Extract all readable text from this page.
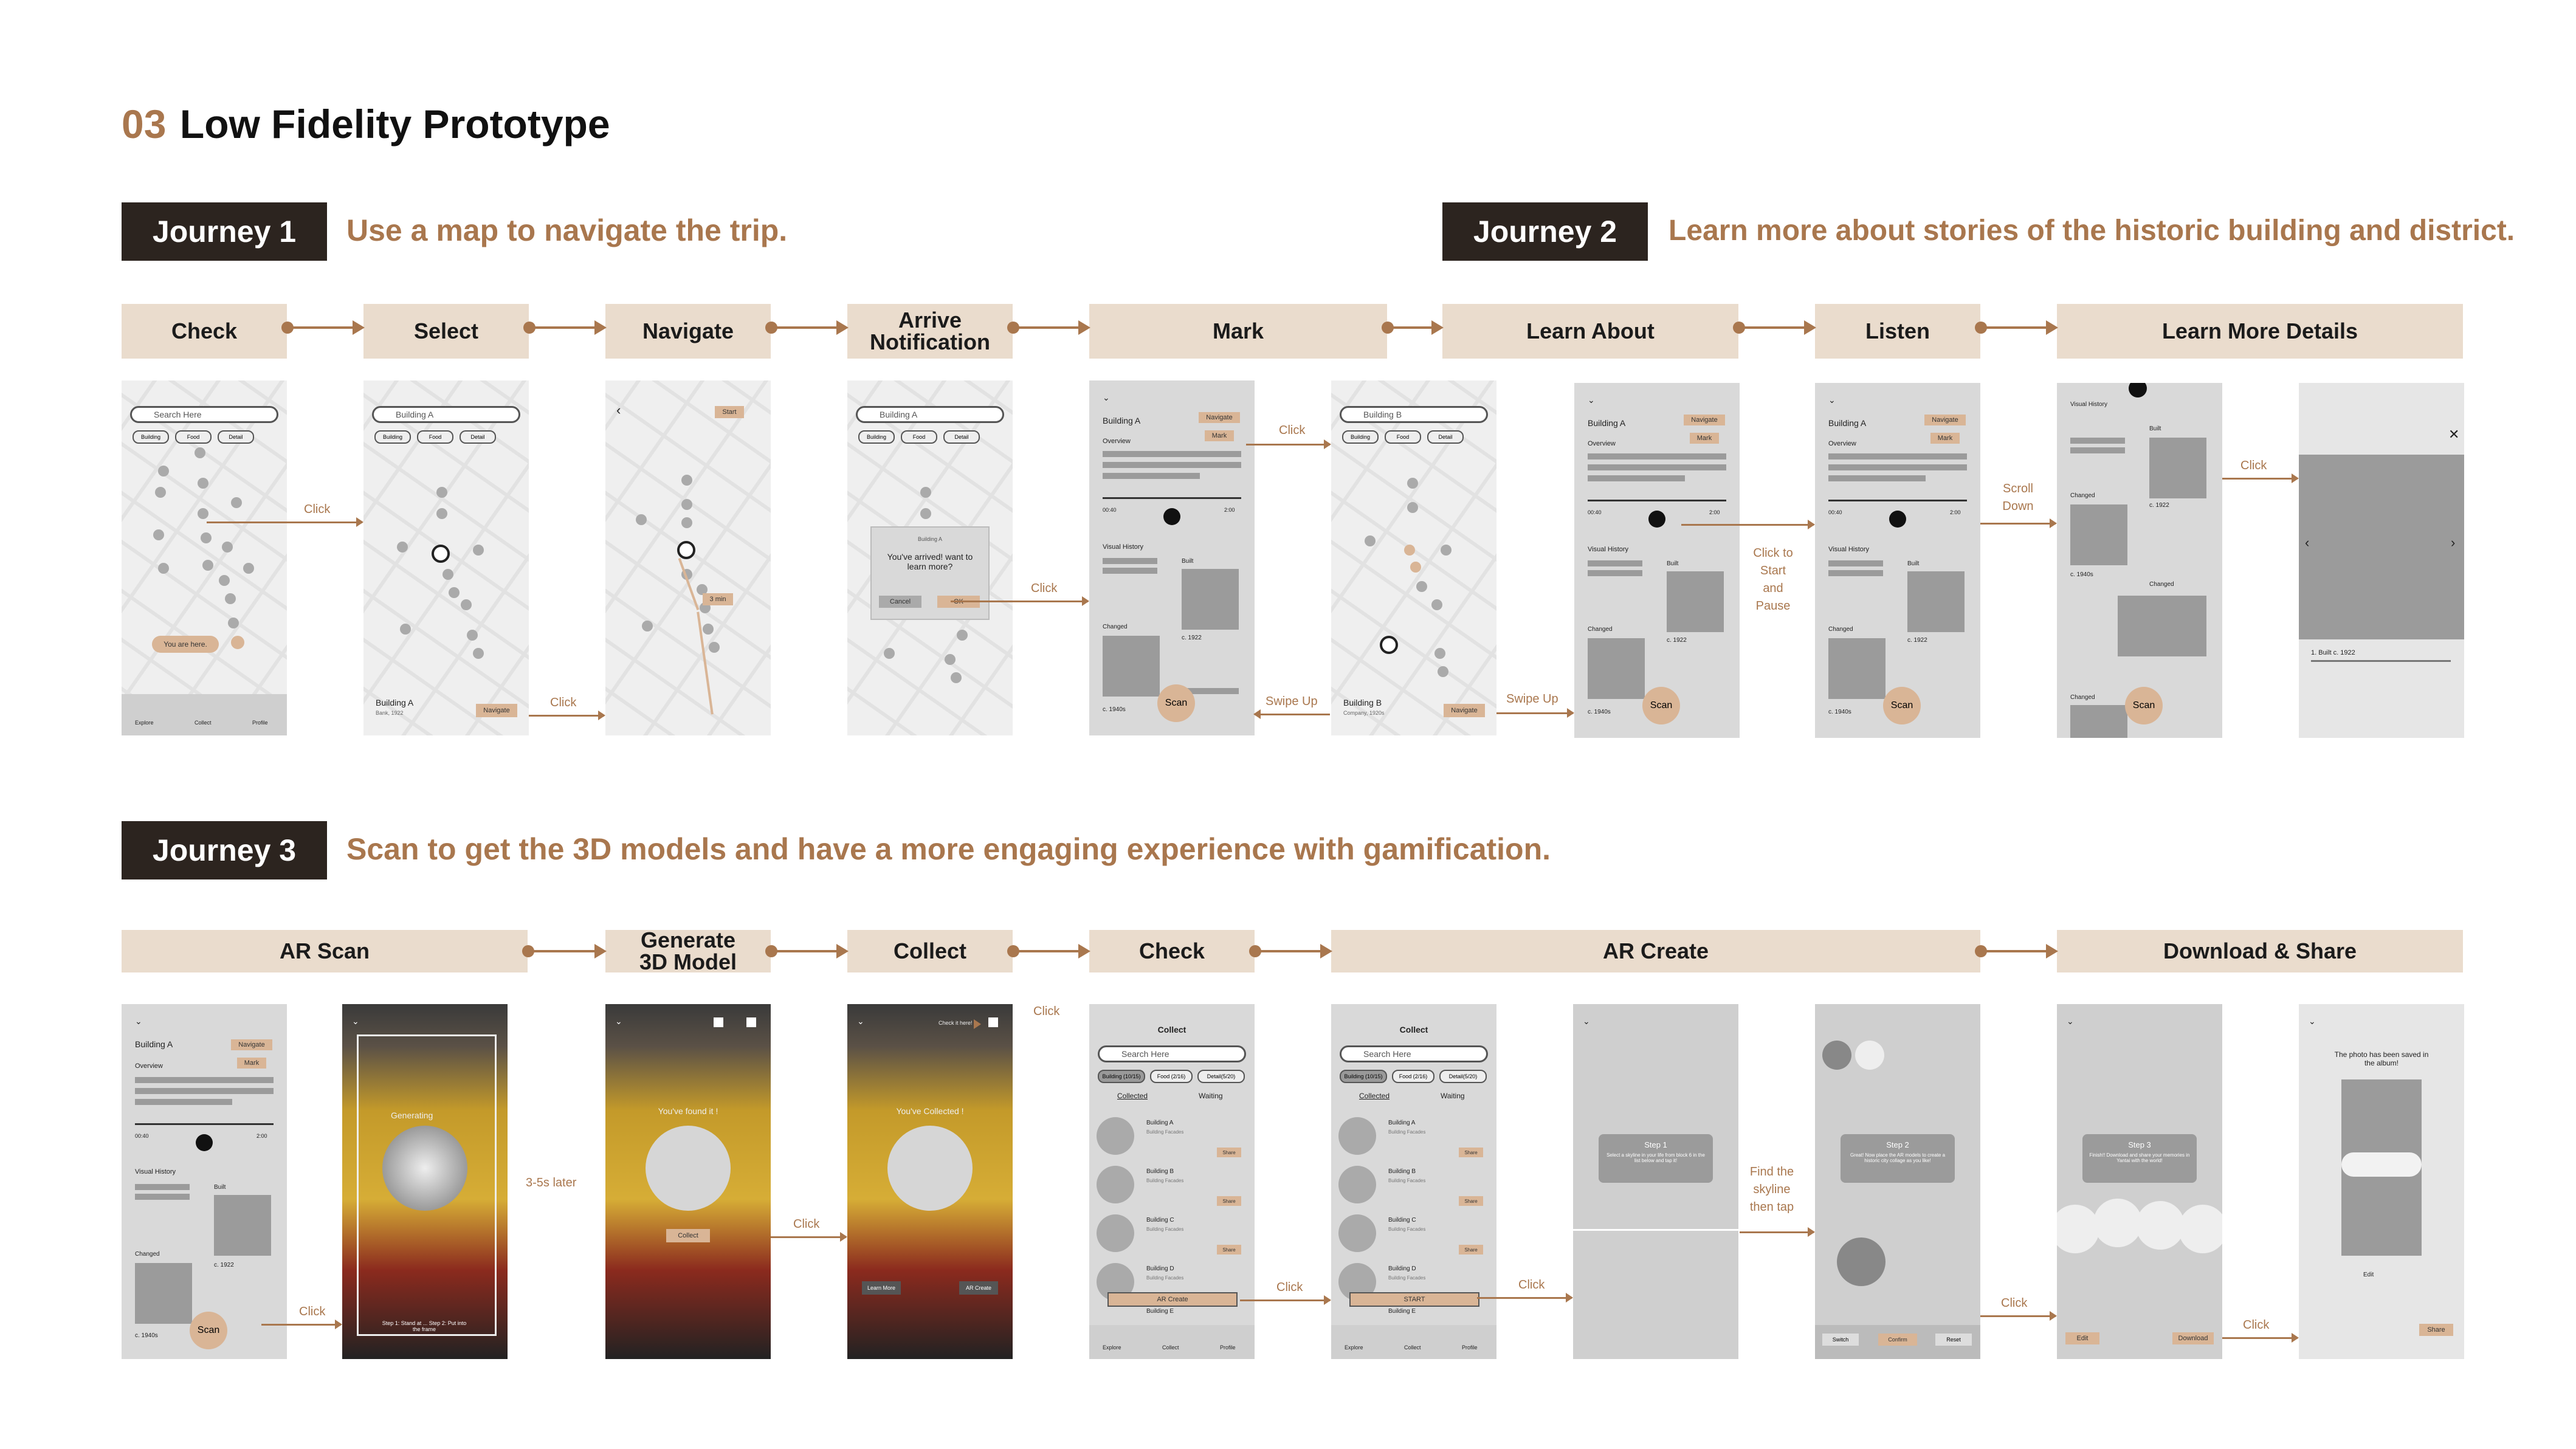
03 Low Fidelity Prototype
Journey 1	Use a map to navigate the trip.	Journey 2	Learn more about stories of the historic building and district.
Journey 3	Scan to get the 3D models and have a more engaging experience with gamification.
Check	Select	Navigate	Arrive Notification	Mark	Learn About	Listen	Learn More Details
Search Here
Building	Food	Detail
You are here.
Explore	Collect	Profile
Building A
Building	Food	Detail
Building A
Bank, 1922	Navigate
‹	Start
3 min
Building A
Building	Food	Detail
Building A
You've arrived! want to learn more?
Cancel
⌄
Building A	Navigate
Mark
Overview
00:40	2:00
Visual History
Built
c. 1922
Changed
c. 1940s
Scan
Building B
Building	Food	Detail
Building B
Company, 1920s	Navigate
⌄
Building A	Navigate
Mark
Overview
00:40	2:00
Visual History
Built
c. 1922
Changed
c. 1940s
Scan
⌄
Building A	Navigate
Mark
Overview
00:40	2:00
Visual History
Built
c. 1922
Changed
c. 1940s
Scan
Visual History
Built
c. 1922
Changed
c. 1940s
Changed
Changed
Scan
✕
‹	›
1. Built c. 1922
Click
Click
Click
Click
Swipe Up	Swipe Up
Click to Start and Pause
Scroll Down
Click
AR Scan	Generate 3D Model	Collect	Check	AR Create	Download & Share
⌄
Building A	Navigate
Mark
Overview
00:40	2:00
Visual History
Built
c. 1922
Changed
c. 1940s
Scan
⌄
Generating
Step 1: Stand at ... Step 2: Put into the frame
⌄
You've found it !
Collect
⌄	Check it here!
You've Collected !
Learn More	AR Create
Collect
Search Here
Building (10/15)	Food (2/16)	Detail(5/20)
Collected	Waiting
Building A
Building Facades
Share
Building B
Building Facades
Share
Building C
Building Facades
Share
Building D
Building Facades
AR Create
Building E
Explore	Collect	Profile
Collect
Search Here
Building (10/15)	Food (2/16)	Detail(5/20)
Collected	Waiting
Building A
Building Facades
Share
Building B
Building Facades
Share
Building C
Building Facades
Share
Building D
Building Facades
START
Building E
Explore	Collect	Profile
⌄
Step 1
Select a skyline in your life from block 6 in the list below and tap it!
Step 2
Great! Now place the AR models to create a historic city collage as you like!
Switch	Confirm	Reset
⌄
Step 3
Finish!! Download and share your memories in Yantai with the world!
Edit	Download
⌄
The photo has been saved in the album!
Edit
Share
Click
3-5s later
Click
Click
Click	Click
Find the skyline then tap
Click
Click
